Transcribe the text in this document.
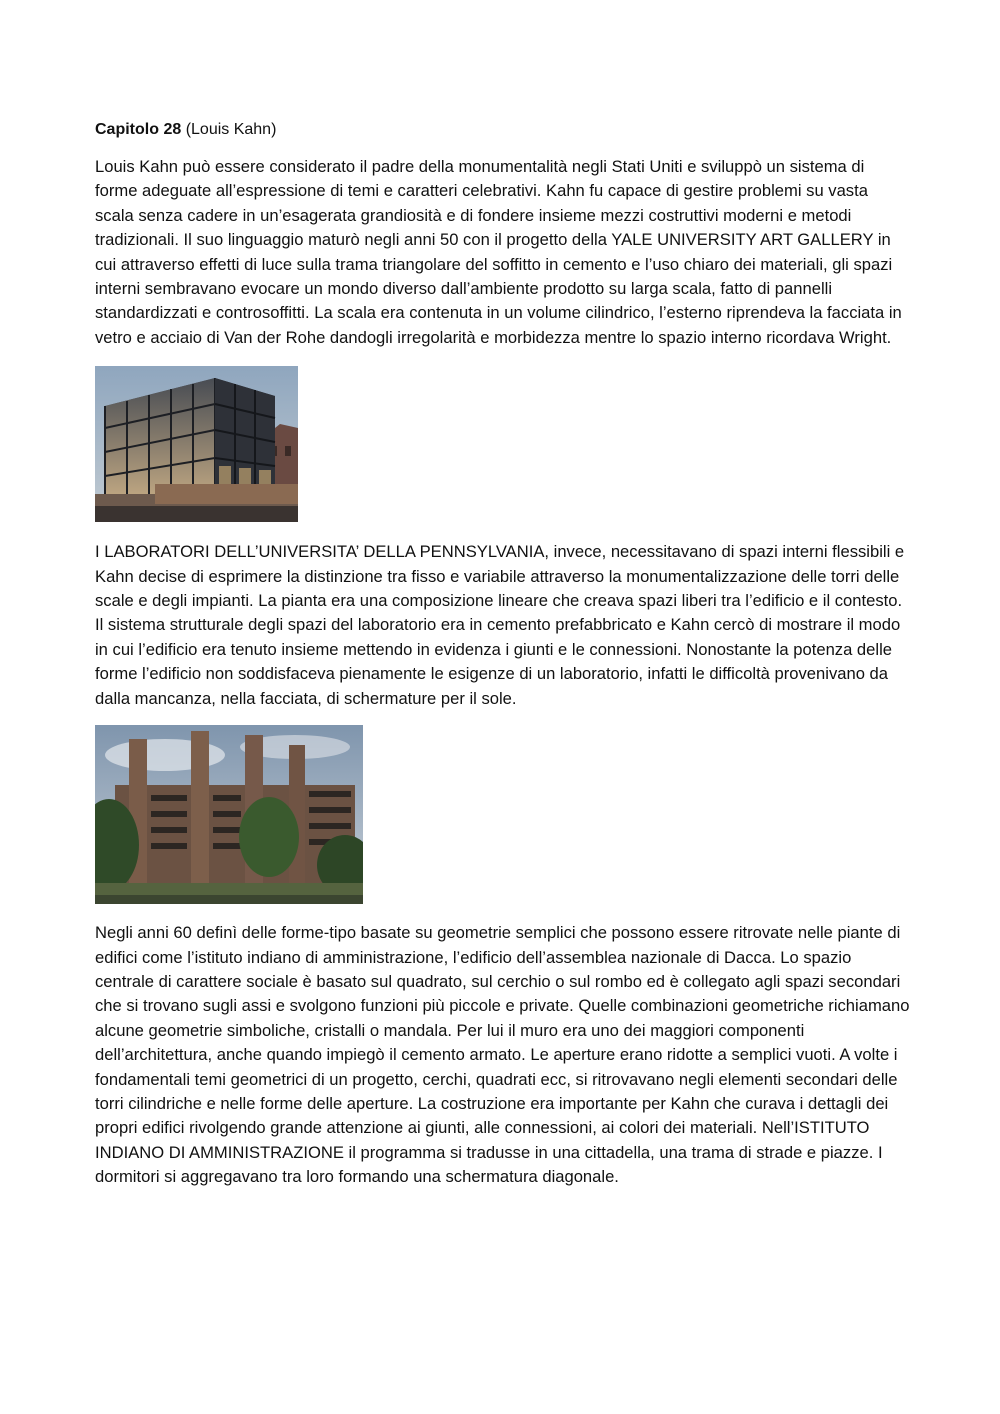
Capitolo 28 (Louis Kahn)

Louis Kahn può essere considerato il padre della monumentalità negli Stati Uniti e sviluppò un sistema di forme adeguate all’espressione di temi e caratteri celebrativi. Kahn fu capace di gestire problemi su vasta scala senza cadere in un’esagerata grandiosità e di fondere insieme mezzi costruttivi moderni e metodi tradizionali. Il suo linguaggio maturò negli anni 50 con il progetto della YALE UNIVERSITY ART GALLERY in cui attraverso effetti di luce sulla trama triangolare del soffitto in cemento e l’uso chiaro dei materiali, gli spazi interni sembravano evocare un mondo diverso dall’ambiente prodotto su larga scala, fatto di pannelli standardizzati e controsoffitti. La scala era contenuta in un volume cilindrico, l’esterno riprendeva la facciata in vetro e acciaio di Van der Rohe dandogli irregolarità e morbidezza mentre lo spazio interno ricordava Wright.

I LABORATORI DELL’UNIVERSITA’ DELLA PENNSYLVANIA, invece, necessitavano di spazi interni flessibili e Kahn decise di esprimere la distinzione tra fisso e variabile attraverso la monumentalizzazione delle torri delle scale e degli impianti. La pianta era una composizione lineare che creava spazi liberi tra l’edificio e il contesto. Il sistema strutturale degli spazi del laboratorio era in cemento prefabbricato e Kahn cercò di mostrare il modo in cui l’edificio era tenuto insieme mettendo in evidenza i giunti e le connessioni. Nonostante la potenza delle forme l’edificio non soddisfaceva pienamente le esigenze di un laboratorio, infatti le difficoltà provenivano da dalla mancanza, nella facciata, di schermature per il sole.

Negli anni 60 definì delle forme-tipo basate su geometrie semplici che possono essere ritrovate nelle piante di edifici come l’istituto indiano di amministrazione, l’edificio dell’assemblea nazionale di Dacca. Lo spazio centrale di carattere sociale è basato sul quadrato, sul cerchio o sul rombo ed è collegato agli spazi secondari che si trovano sugli assi e svolgono funzioni più piccole e private. Quelle combinazioni geometriche richiamano alcune geometrie simboliche, cristalli o mandala. Per lui il muro era uno dei maggiori componenti dell’architettura, anche quando impiegò il cemento armato. Le aperture erano ridotte a semplici vuoti. A volte i fondamentali temi geometrici di un progetto, cerchi, quadrati ecc, si ritrovavano negli elementi secondari delle torri cilindriche e nelle forme delle aperture. La costruzione era importante per Kahn che curava i dettagli dei propri edifici rivolgendo grande attenzione ai giunti, alle connessioni, ai colori dei materiali. Nell’ISTITUTO INDIANO DI AMMINISTRAZIONE il programma si tradusse in una cittadella, una trama di strade e piazze. I dormitori si aggregavano tra loro formando una schermatura diagonale.
